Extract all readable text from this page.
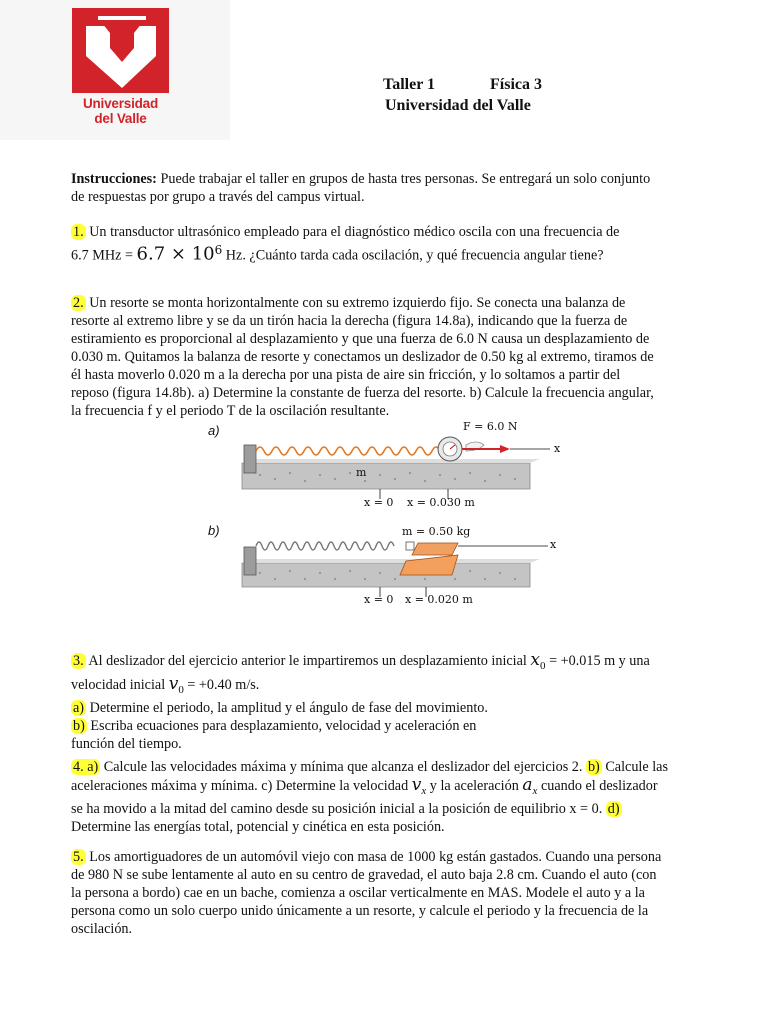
Universidad
del Valle
Taller 1	Física 3
Universidad del Valle
Instrucciones: Puede trabajar el taller en grupos de hasta tres personas. Se entregará un solo conjunto
de respuestas por grupo a través del campus virtual.
1. Un transductor ultrasónico empleado para el diagnóstico médico oscila con una frecuencia de
6.7 MHz = $6.7 \times 10^6$ Hz. ¿Cuánto tarda cada oscilación, y qué frecuencia angular tiene?
2. Un resorte se monta horizontalmente con su extremo izquierdo fijo. Se conecta una balanza de
resorte al extremo libre y se da un tirón hacia la derecha (figura 14.8a), indicando que la fuerza de
estiramiento es proporcional al desplazamiento y que una fuerza de 6.0 N causa un desplazamiento de
0.030 m. Quitamos la balanza de resorte y conectamos un deslizador de 0.50 kg al extremo, tiramos de
él hasta moverlo 0.020 m a la derecha por una pista de aire sin fricción, y lo soltamos a partir del
reposo (figura 14.8b). a) Determine la constante de fuerza del resorte. b) Calcule la frecuencia angular,
la frecuencia f y el periodo T de la oscilación resultante.
a)
b)
F = 6.0 N
x
m
x = 0 x = 0.030 m
m = 0.50 kg
x
x = 0 x = 0.020 m
3. Al deslizador del ejercicio anterior le impartiremos un desplazamiento inicial $x_0 = +0.015$ m y una
velocidad inicial $v_0 = +0.40$ m/s.
a) Determine el periodo, la amplitud y el ángulo de fase del movimiento.
b) Escriba ecuaciones para desplazamiento, velocidad y aceleración en
función del tiempo.
4. a) Calcule las velocidades máxima y mínima que alcanza el deslizador del ejercicios 2. b) Calcule las
aceleraciones máxima y mínima. c) Determine la velocidad $v_x$ y la aceleración $a_x$ cuando el deslizador
se ha movido a la mitad del camino desde su posición inicial a la posición de equilibrio x = 0. d)
Determine las energías total, potencial y cinética en esta posición.
5. Los amortiguadores de un automóvil viejo con masa de 1000 kg están gastados. Cuando una persona
de 980 N se sube lentamente al auto en su centro de gravedad, el auto baja 2.8 cm. Cuando el auto (con
la persona a bordo) cae en un bache, comienza a oscilar verticalmente en MAS. Modele el auto y a la
persona como un solo cuerpo unido únicamente a un resorte, y calcule el periodo y la frecuencia de la
oscilación.
